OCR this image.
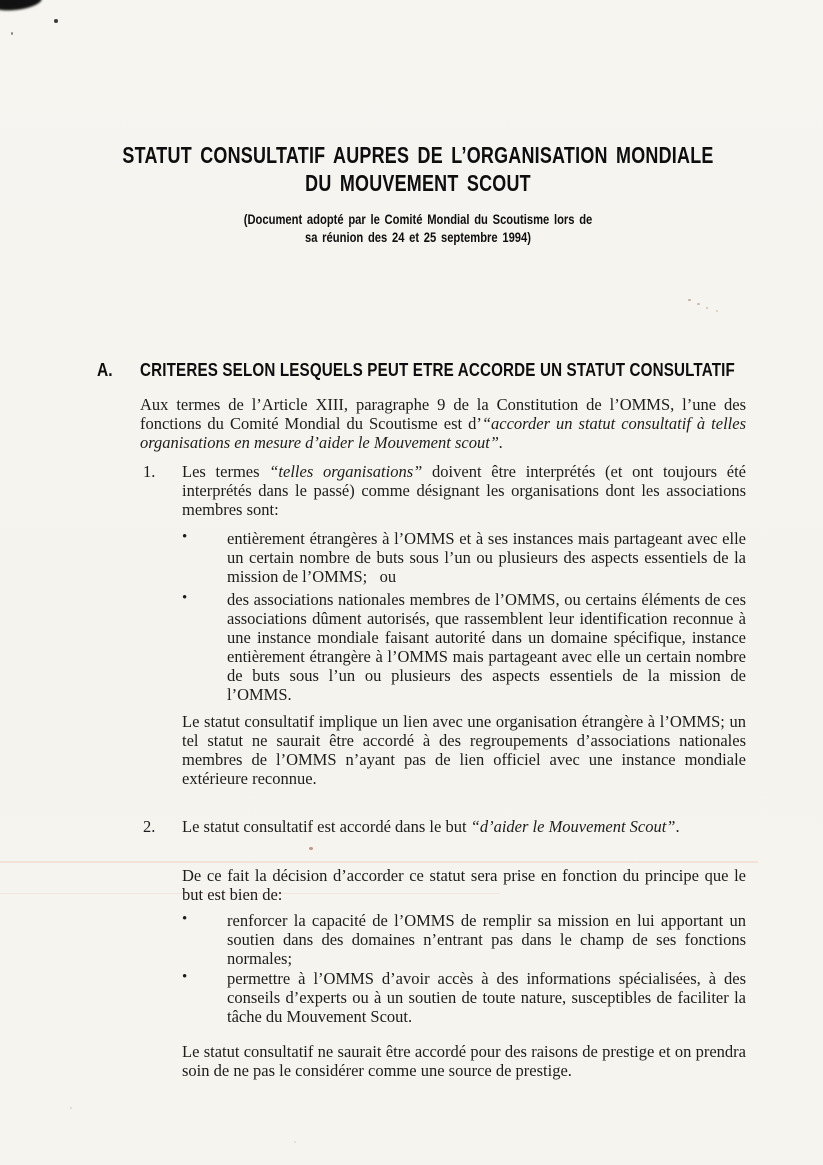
STATUT CONSULTATIF AUPRES DE L’ORGANISATION MONDIALE
DU MOUVEMENT SCOUT
(Document adopté par le Comité Mondial du Scoutisme lors de
sa réunion des 24 et 25 septembre 1994)
A. CRITERES SELON LESQUELS PEUT ETRE ACCORDE UN STATUT CONSULTATIF

Aux termes de l’Article XIII, paragraphe 9 de la Constitution de l’OMMS, l’une des fonctions du Comité Mondial du Scoutisme est d’“accorder un statut consultatif à telles organisations en mesure d’aider le Mouvement scout”.

1. Les termes “telles organisations” doivent être interprétés (et ont toujours été interprétés dans le passé) comme désignant les organisations dont les associations membres sont:

• entièrement étrangères à l’OMMS et à ses instances mais partageant avec elle un certain nombre de buts sous l’un ou plusieurs des aspects essentiels de la mission de l’OMMS;   ou

• des associations nationales membres de l’OMMS, ou certains éléments de ces associations dûment autorisés, que rassemblent leur identification reconnue à une instance mondiale faisant autorité dans un domaine spécifique, instance entièrement étrangère à l’OMMS mais partageant avec elle un certain nombre de buts sous l’un ou plusieurs des aspects essentiels de la mission de l’OMMS.

Le statut consultatif implique un lien avec une organisation étrangère à l’OMMS; un tel statut ne saurait être accordé à des regroupements d’associations nationales membres de l’OMMS n’ayant pas de lien officiel avec une instance mondiale extérieure reconnue.

2. Le statut consultatif est accordé dans le but “d’aider le Mouvement Scout”.

De ce fait la décision d’accorder ce statut sera prise en fonction du principe que le but est bien de:

• renforcer la capacité de l’OMMS de remplir sa mission en lui apportant un soutien dans des domaines n’entrant pas dans le champ de ses fonctions normales;

• permettre à l’OMMS d’avoir accès à des informations spécialisées, à des conseils d’experts ou à un soutien de toute nature, susceptibles de faciliter la tâche du Mouvement Scout.

Le statut consultatif ne saurait être accordé pour des raisons de prestige et on prendra soin de ne pas le considérer comme une source de prestige.
